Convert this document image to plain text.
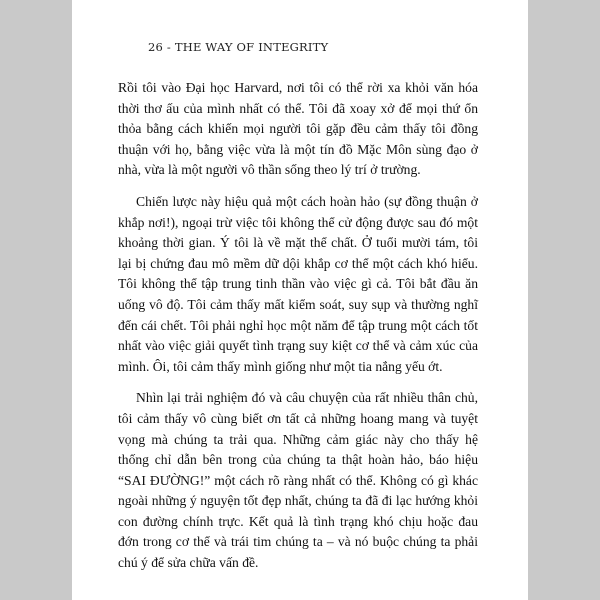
26 - THE WAY OF INTEGRITY

Rồi tôi vào Đại học Harvard, nơi tôi có thể rời xa khỏi văn hóa thời thơ ấu của mình nhất có thể. Tôi đã xoay xở để mọi thứ ổn thỏa bằng cách khiến mọi người tôi gặp đều cảm thấy tôi đồng thuận với họ, bằng việc vừa là một tín đồ Mặc Môn sùng đạo ở nhà, vừa là một người vô thần sống theo lý trí ở trường.

Chiến lược này hiệu quả một cách hoàn hảo (sự đồng thuận ở khắp nơi!), ngoại trừ việc tôi không thể cử động được sau đó một khoảng thời gian. Ý tôi là về mặt thể chất. Ở tuổi mười tám, tôi lại bị chứng đau mô mềm dữ dội khắp cơ thể một cách khó hiểu. Tôi không thể tập trung tinh thần vào việc gì cả. Tôi bắt đầu ăn uống vô độ. Tôi cảm thấy mất kiểm soát, suy sụp và thường nghĩ đến cái chết. Tôi phải nghỉ học một năm để tập trung một cách tốt nhất vào việc giải quyết tình trạng suy kiệt cơ thể và cảm xúc của mình. Ôi, tôi cảm thấy mình giống như một tia nắng yếu ớt.

Nhìn lại trải nghiệm đó và câu chuyện của rất nhiều thân chủ, tôi cảm thấy vô cùng biết ơn tất cả những hoang mang và tuyệt vọng mà chúng ta trải qua. Những cảm giác này cho thấy hệ thống chỉ dẫn bên trong của chúng ta thật hoàn hảo, báo hiệu “SAI ĐƯỜNG!” một cách rõ ràng nhất có thể. Không có gì khác ngoài những ý nguyện tốt đẹp nhất, chúng ta đã đi lạc hướng khỏi con đường chính trực. Kết quả là tình trạng khó chịu hoặc đau đớn trong cơ thể và trái tim chúng ta – và nó buộc chúng ta phải chú ý để sửa chữa vấn đề.
